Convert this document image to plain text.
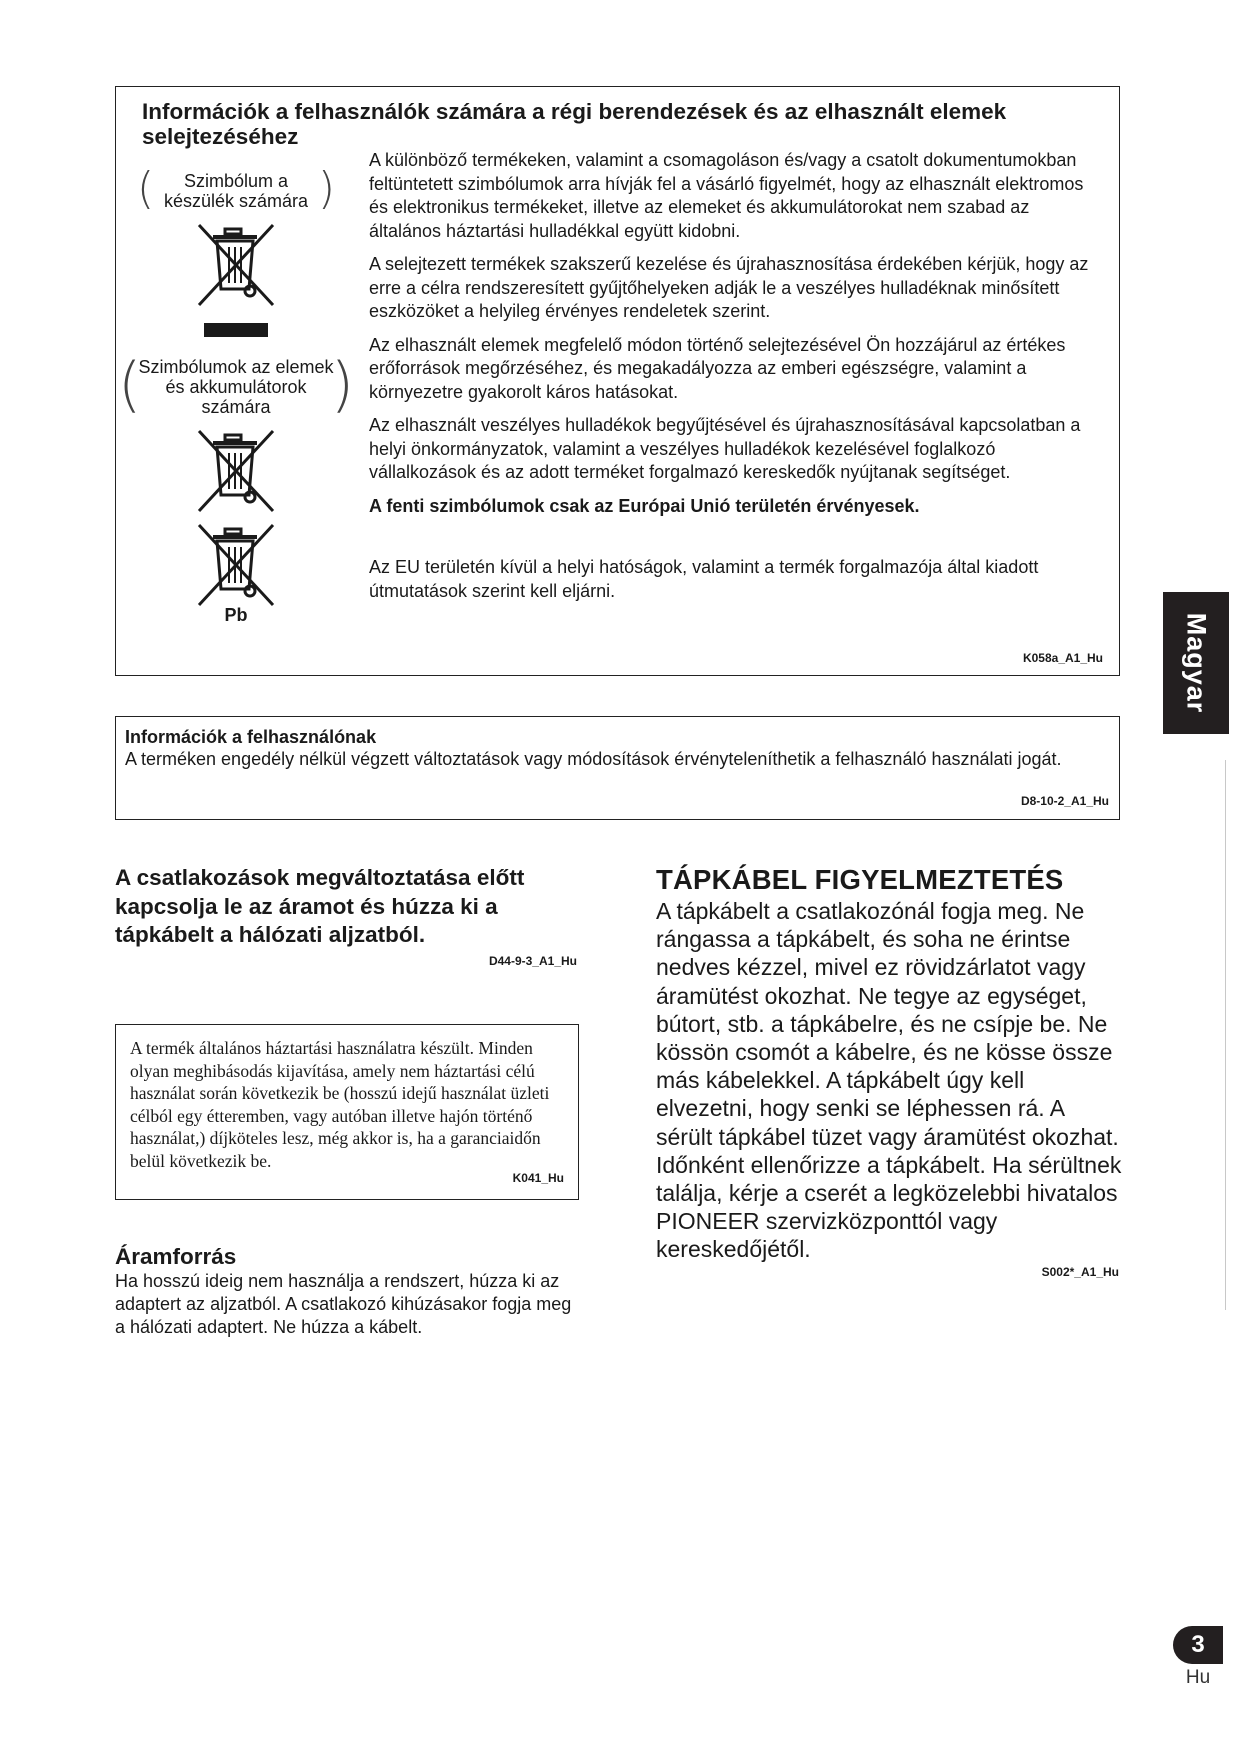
Információk a felhasználók számára a régi berendezések és az elhasznált elemek selejtezéséhez
(	Szimbólum a
készülék számára )
(
Szimbólumok az elemek
és akkumulátorok
számára	)
Pb

A különböző termékeken, valamint a csomagoláson és/vagy a csatolt dokumentumokban feltüntetett szimbólumok arra hívják fel a vásárló figyelmét, hogy az elhasznált elektromos és elektronikus termékeket, illetve az elemeket és akkumulátorokat nem szabad az általános háztartási hulladékkal együtt kidobni.

A selejtezett termékek szakszerű kezelése és újrahasznosítása érdekében kérjük, hogy az erre a célra rendszeresített gyűjtőhelyeken adják le a veszélyes hulladéknak minősített eszközöket a helyileg érvényes rendeletek szerint.

Az elhasznált elemek megfelelő módon történő selejtezésével Ön hozzájárul az értékes erőforrások megőrzéséhez, és megakadályozza az emberi egészségre, valamint a környezetre gyakorolt káros hatásokat.

Az elhasznált veszélyes hulladékok begyűjtésével és újrahasznosításával kapcsolatban a helyi önkormányzatok, valamint a veszélyes hulladékok kezelésével foglalkozó vállalkozások és az adott terméket forgalmazó kereskedők nyújtanak segítséget.

A fenti szimbólumok csak az Európai Unió területén érvényesek.

Az EU területén kívül a helyi hatóságok, valamint a termék forgalmazója által kiadott útmutatások szerint kell eljárni.

K058a_A1_Hu
Információk a felhasználónak
A terméken engedély nélkül végzett változtatások vagy módosítások érvényteleníthetik a felhasználó használati jogát.
D8-10-2_A1_Hu
A csatlakozások megváltoztatása előtt kapcsolja le az áramot és húzza ki a tápkábelt a hálózati aljzatból.
D44-9-3_A1_Hu
A termék általános háztartási használatra készült. Minden olyan meghibásodás kijavítása, amely nem háztartási célú használat során következik be (hosszú idejű használat üzleti célból egy étteremben, vagy autóban illetve hajón történő használat,) díjköteles lesz, még akkor is, ha a garanciaidőn belül következik be.
K041_Hu
Áramforrás
Ha hosszú ideig nem használja a rendszert, húzza ki az adaptert az aljzatból. A csatlakozó kihúzásakor fogja meg a hálózati adaptert. Ne húzza a kábelt.
TÁPKÁBEL FIGYELMEZTETÉS
A tápkábelt a csatlakozónál fogja meg. Ne rángassa a tápkábelt, és soha ne érintse nedves kézzel, mivel ez rövidzárlatot vagy áramütést okozhat. Ne tegye az egységet, bútort, stb. a tápkábelre, és ne csípje be. Ne kössön csomót a kábelre, és ne kösse össze más kábelekkel. A tápkábelt úgy kell elvezetni, hogy senki se léphessen rá. A sérült tápkábel tüzet vagy áramütést okozhat. Időnként ellenőrizze a tápkábelt. Ha sérültnek találja, kérje a cserét a legközelebbi hivatalos PIONEER szervizközponttól vagy kereskedőjétől.
S002*_A1_Hu
Magyar
3
Hu
